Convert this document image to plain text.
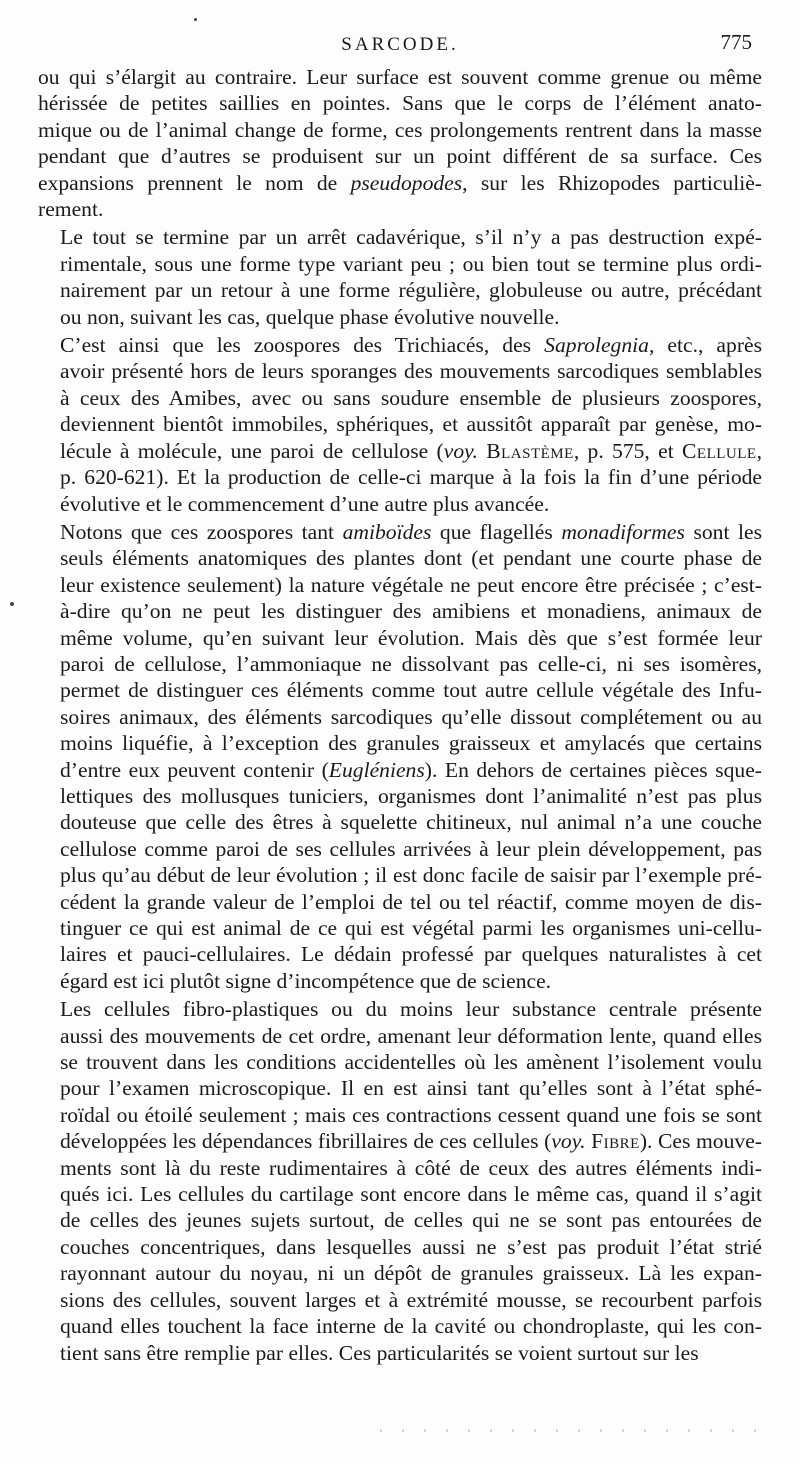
SARCODE.	775

ou qui s’élargit au contraire. Leur surface est souvent comme grenue ou même
hérissée de petites saillies en pointes. Sans que le corps de l’élément anato-
mique ou de l’animal change de forme, ces prolongements rentrent dans la masse
pendant que d’autres se produisent sur un point différent de sa surface. Ces
expansions prennent le nom de pseudopodes, sur les Rhizopodes particuliè-
rement.

Le tout se termine par un arrêt cadavérique, s’il n’y a pas destruction expé-
rimentale, sous une forme type variant peu ; ou bien tout se termine plus ordi-
nairement par un retour à une forme régulière, globuleuse ou autre, précédant
ou non, suivant les cas, quelque phase évolutive nouvelle.

C’est ainsi que les zoospores des Trichiacés, des Saprolegnia, etc., après
avoir présenté hors de leurs sporanges des mouvements sarcodiques semblables
à ceux des Amibes, avec ou sans soudure ensemble de plusieurs zoospores,
deviennent bientôt immobiles, sphériques, et aussitôt apparaît par genèse, mo-
lécule à molécule, une paroi de cellulose (voy. Blastème, p. 575, et Cellule,
p. 620-621). Et la production de celle-ci marque à la fois la fin d’une période
évolutive et le commencement d’une autre plus avancée.

Notons que ces zoospores tant amiboïdes que flagellés monadiformes sont les
seuls éléments anatomiques des plantes dont (et pendant une courte phase de
leur existence seulement) la nature végétale ne peut encore être précisée ; c’est-
à-dire qu’on ne peut les distinguer des amibiens et monadiens, animaux de
même volume, qu’en suivant leur évolution. Mais dès que s’est formée leur
paroi de cellulose, l’ammoniaque ne dissolvant pas celle-ci, ni ses isomères,
permet de distinguer ces éléments comme tout autre cellule végétale des Infu-
soires animaux, des éléments sarcodiques qu’elle dissout complétement ou au
moins liquéfie, à l’exception des granules graisseux et amylacés que certains
d’entre eux peuvent contenir (Eugléniens). En dehors de certaines pièces sque-
lettiques des mollusques tuniciers, organismes dont l’animalité n’est pas plus
douteuse que celle des êtres à squelette chitineux, nul animal n’a une couche
cellulose comme paroi de ses cellules arrivées à leur plein développement, pas
plus qu’au début de leur évolution ; il est donc facile de saisir par l’exemple pré-
cédent la grande valeur de l’emploi de tel ou tel réactif, comme moyen de dis-
tinguer ce qui est animal de ce qui est végétal parmi les organismes uni-cellu-
laires et pauci-cellulaires. Le dédain professé par quelques naturalistes à cet
égard est ici plutôt signe d’incompétence que de science.

Les cellules fibro-plastiques ou du moins leur substance centrale présente
aussi des mouvements de cet ordre, amenant leur déformation lente, quand elles
se trouvent dans les conditions accidentelles où les amènent l’isolement voulu
pour l’examen microscopique. Il en est ainsi tant qu’elles sont à l’état sphé-
roïdal ou étoilé seulement ; mais ces contractions cessent quand une fois se sont
développées les dépendances fibrillaires de ces cellules (voy. Fibre). Ces mouve-
ments sont là du reste rudimentaires à côté de ceux des autres éléments indi-
qués ici. Les cellules du cartilage sont encore dans le même cas, quand il s’agit
de celles des jeunes sujets surtout, de celles qui ne se sont pas entourées de
couches concentriques, dans lesquelles aussi ne s’est pas produit l’état strié
rayonnant autour du noyau, ni un dépôt de granules graisseux. Là les expan-
sions des cellules, souvent larges et à extrémité mousse, se recourbent parfois
quand elles touchent la face interne de la cavité ou chondroplaste, qui les con-
tient sans être remplie par elles. Ces particularités se voient surtout sur les
